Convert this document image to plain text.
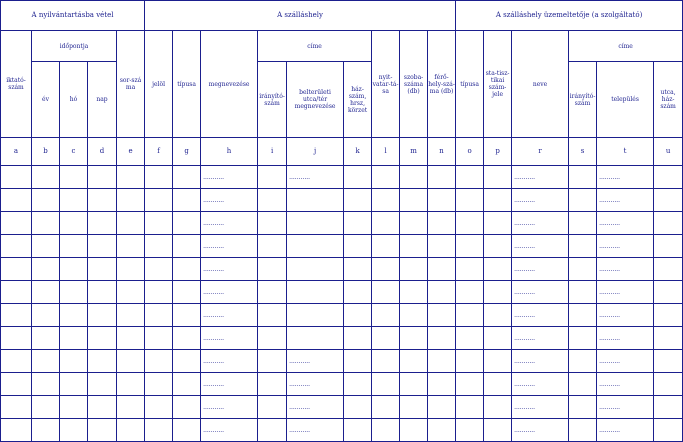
A nyilvántartásba vétel					A szálláshely									A szálláshely üzemeltetője (a szolgáltató)					
iktató-szám	időpontja			sor-szá ma	jelöl	típusa	megnevezése	címe			nyit-vatar-tá-sa	szoba-száma (db)	férő-hely-szá-ma (db)	típusa	sta-tisz-tikai szám-jele	neve	címe		
	év	hó	nap					irányító-szám	belterületi utca/tér megnevezése	ház-szám, hrsz, körzet							irányító-szám	település	utca, ház-szám
a	b	c	d	e	f	g	h	i	j	k	l	m	n	o	p	r	s	t	u
							...........		...........							...........		...........	
							...........									...........		...........	
							...........									...........		...........	
							...........									...........		...........	
							...........									...........		...........	
							...........									...........		...........	
							...........									...........		...........	
							...........									...........		...........	
							...........		...........							...........		...........	
							...........		...........							...........		...........	
							...........		...........							...........		...........	
							...........		...........							...........		...........	
